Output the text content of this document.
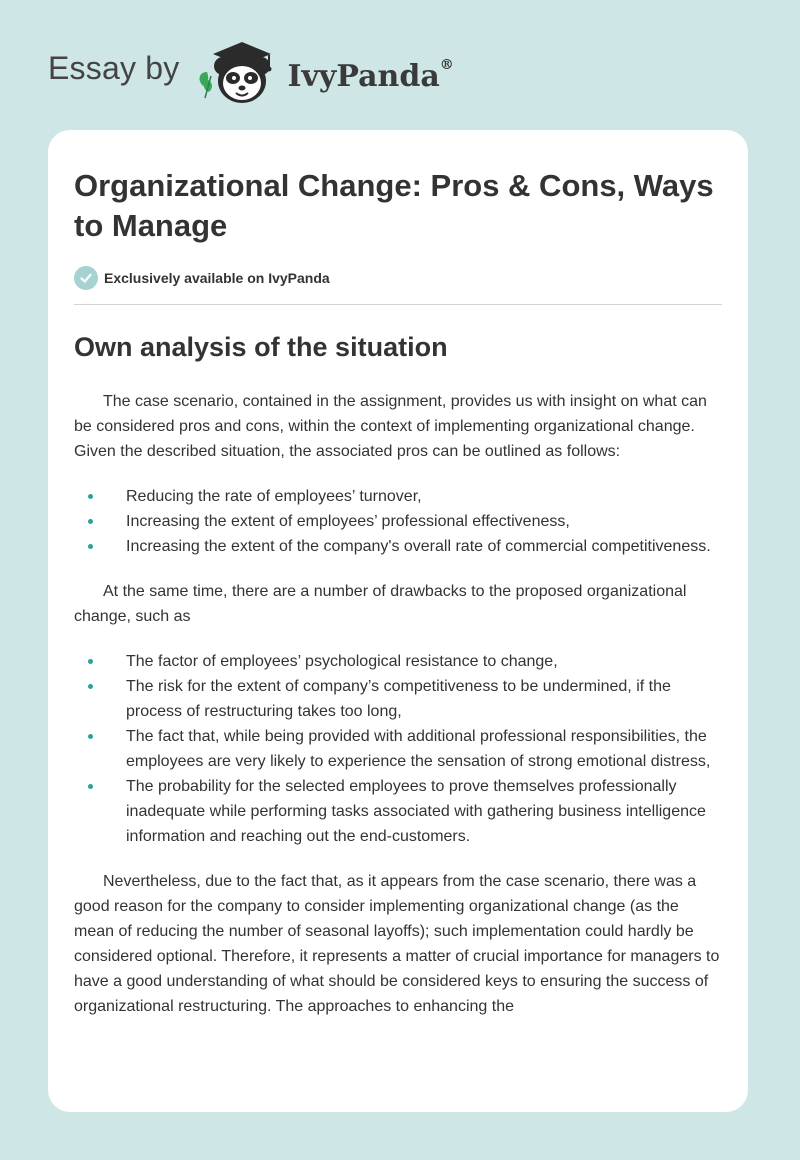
Essay by	IvyPanda®
Organizational Change: Pros & Cons, Ways to Manage
Exclusively available on IvyPanda
Own analysis of the situation

The case scenario, contained in the assignment, provides us with insight on what can be considered pros and cons, within the context of implementing organizational change. Given the described situation, the associated pros can be outlined as follows:

Reducing the rate of employees’ turnover,
Increasing the extent of employees’ professional effectiveness,
Increasing the extent of the company's overall rate of commercial competitiveness.

At the same time, there are a number of drawbacks to the proposed organizational change, such as

The factor of employees’ psychological resistance to change,
The risk for the extent of company’s competitiveness to be undermined, if the process of restructuring takes too long,
The fact that, while being provided with additional professional responsibilities, the employees are very likely to experience the sensation of strong emotional distress,
The probability for the selected employees to prove themselves professionally inadequate while performing tasks associated with gathering business intelligence information and reaching out the end-customers.

Nevertheless, due to the fact that, as it appears from the case scenario, there was a good reason for the company to consider implementing organizational change (as the mean of reducing the number of seasonal layoffs); such implementation could hardly be considered optional. Therefore, it represents a matter of crucial importance for managers to have a good understanding of what should be considered keys to ensuring the success of organizational restructuring. The approaches to enhancing the
